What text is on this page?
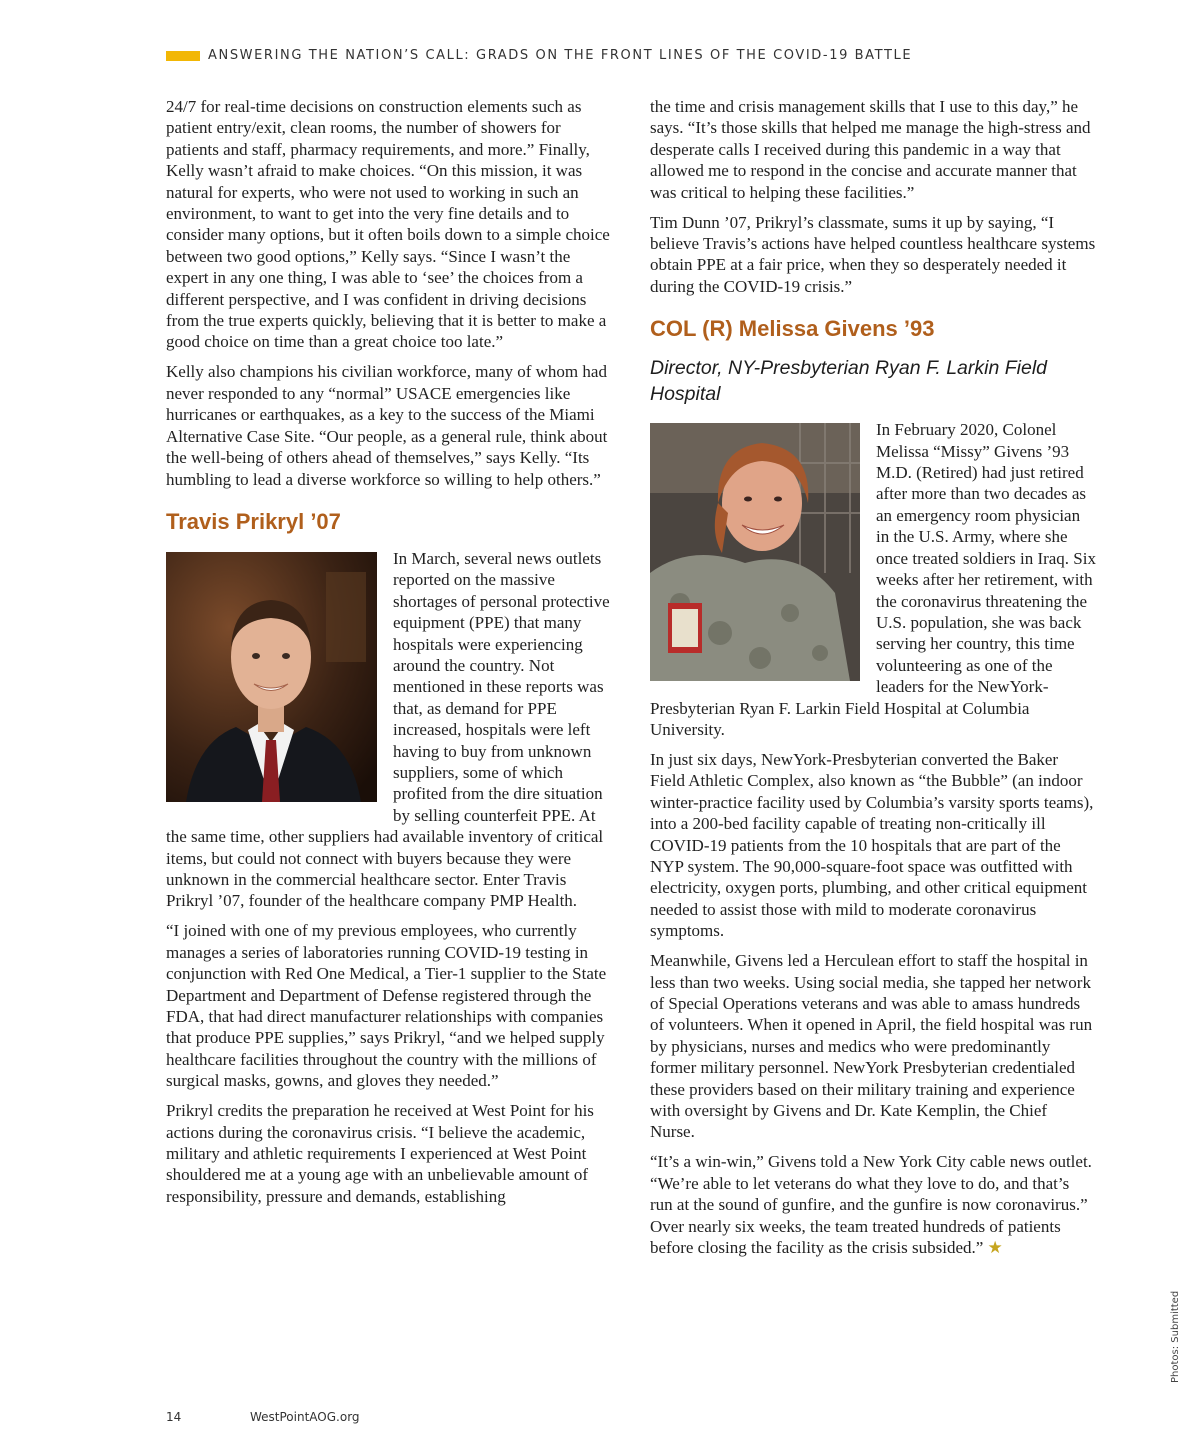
ANSWERING THE NATION’S CALL: GRADS ON THE FRONT LINES OF THE COVID-19 BATTLE

24/7 for real-time decisions on construction elements such as patient entry/exit, clean rooms, the number of showers for patients and staff, pharmacy requirements, and more.” Finally, Kelly wasn’t afraid to make choices. “On this mission, it was natural for experts, who were not used to working in such an environment, to want to get into the very fine details and to consider many options, but it often boils down to a simple choice between two good options,” Kelly says. “Since I wasn’t the expert in any one thing, I was able to ‘see’ the choices from a different perspective, and I was confident in driving decisions from the true experts quickly, believing that it is better to make a good choice on time than a great choice too late.”

Kelly also champions his civilian workforce, many of whom had never responded to any “normal” USACE emergencies like hurricanes or earthquakes, as a key to the success of the Miami Alternative Case Site. “Our people, as a general rule, think about the well-being of others ahead of themselves,” says Kelly. “Its humbling to lead a diverse workforce so willing to help others.”

Travis Prikryl ’07

In March, several news outlets reported on the massive shortages of personal protective equipment (PPE) that many hospitals were experiencing around the country. Not mentioned in these reports was that, as demand for PPE increased, hospitals were left having to buy from unknown suppliers, some of which profited from the dire situation by selling counterfeit PPE. At the same time, other suppliers had available inventory of critical items, but could not connect with buyers because they were unknown in the commercial healthcare sector. Enter Travis Prikryl ’07, founder of the healthcare company PMP Health.

“I joined with one of my previous employees, who currently manages a series of laboratories running COVID-19 testing in conjunction with Red One Medical, a Tier-1 supplier to the State Department and Department of Defense registered through the FDA, that had direct manufacturer relationships with companies that produce PPE supplies,” says Prikryl, “and we helped supply healthcare facilities throughout the country with the millions of surgical masks, gowns, and gloves they needed.”

Prikryl credits the preparation he received at West Point for his actions during the coronavirus crisis. “I believe the academic, military and athletic requirements I experienced at West Point shouldered me at a young age with an unbelievable amount of responsibility, pressure and demands, establishing

the time and crisis management skills that I use to this day,” he says. “It’s those skills that helped me manage the high-stress and desperate calls I received during this pandemic in a way that allowed me to respond in the concise and accurate manner that was critical to helping these facilities.”

Tim Dunn ’07, Prikryl’s classmate, sums it up by saying, “I believe Travis’s actions have helped countless healthcare systems obtain PPE at a fair price, when they so desperately needed it during the COVID-19 crisis.”

COL (R) Melissa Givens ’93
Director, NY-Presbyterian Ryan F. Larkin Field Hospital

In February 2020, Colonel Melissa “Missy” Givens ’93 M.D. (Retired) had just retired after more than two decades as an emergency room physician in the U.S. Army, where she once treated soldiers in Iraq. Six weeks after her retirement, with the coronavirus threatening the U.S. population, she was back serving her country, this time volunteering as one of the leaders for the NewYork-Presbyterian Ryan F. Larkin Field Hospital at Columbia University.

In just six days, NewYork-Presbyterian converted the Baker Field Athletic Complex, also known as “the Bubble” (an indoor winter-practice facility used by Columbia’s varsity sports teams), into a 200-bed facility capable of treating non-critically ill COVID-19 patients from the 10 hospitals that are part of the NYP system. The 90,000-square-foot space was outfitted with electricity, oxygen ports, plumbing, and other critical equipment needed to assist those with mild to moderate coronavirus symptoms.

Meanwhile, Givens led a Herculean effort to staff the hospital in less than two weeks. Using social media, she tapped her network of Special Operations veterans and was able to amass hundreds of volunteers. When it opened in April, the field hospital was run by physicians, nurses and medics who were predominantly former military personnel. NewYork Presbyterian credentialed these providers based on their military training and experience with oversight by Givens and Dr. Kate Kemplin, the Chief Nurse.

“It’s a win-win,” Givens told a New York City cable news outlet. “We’re able to let veterans do what they love to do, and that’s run at the sound of gunfire, and the gunfire is now coronavirus.” Over nearly six weeks, the team treated hundreds of patients before closing the facility as the crisis subsided.” ★

14	WestPointAOG.org
Photos: Submitted
